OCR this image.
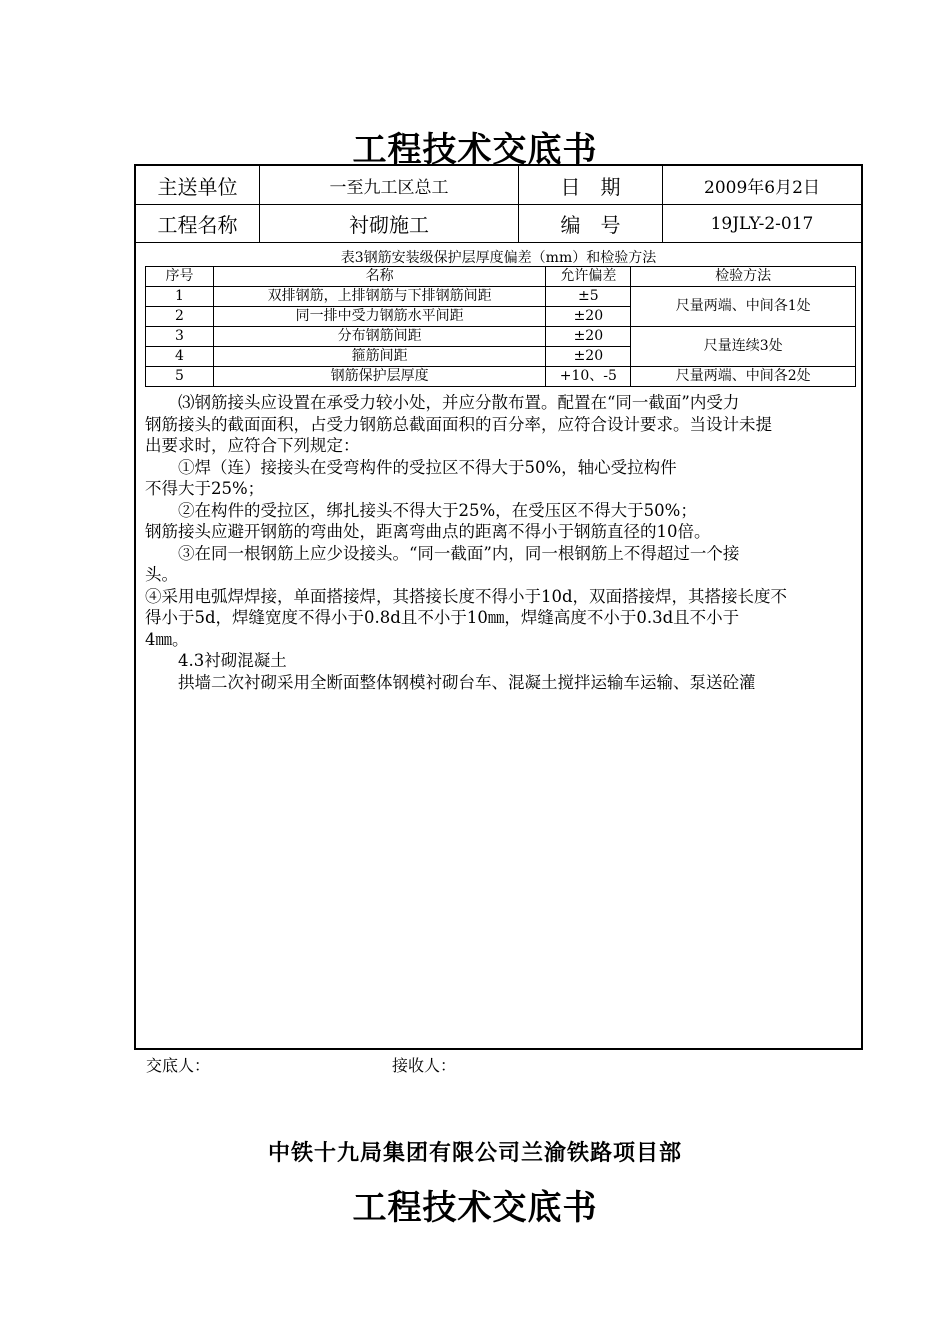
工程技术交底书
主送单位	一至九工区总工	日　期	2009年6月2日
工程名称	衬砌施工	编　号	19JLY-2-017
表3钢筋安装级保护层厚度偏差（mm）和检验方法
序号	名称	允许偏差	检验方法
1	双排钢筋，上排钢筋与下排钢筋间距	±5	尺量两端、中间各1处
2	同一排中受力钢筋水平间距	±20	
3	分布钢筋间距	±20	尺量连续3处
4	箍筋间距	±20	
5	钢筋保护层厚度	+10、-5	尺量两端、中间各2处
　　⑶钢筋接头应设置在承受力较小处，并应分散布置。配置在“同一截面”内受力
钢筋接头的截面面积，占受力钢筋总截面面积的百分率，应符合设计要求。当设计未提
出要求时，应符合下列规定：
　　①焊（连）接接头在受弯构件的受拉区不得大于50%，轴心受拉构件
不得大于25%；
　　②在构件的受拉区，绑扎接头不得大于25%，在受压区不得大于50%；
钢筋接头应避开钢筋的弯曲处，距离弯曲点的距离不得小于钢筋直径的10倍。
　　③在同一根钢筋上应少设接头。“同一截面”内，同一根钢筋上不得超过一个接
头。
④采用电弧焊焊接，单面搭接焊，其搭接长度不得小于10d，双面搭接焊，其搭接长度不
得小于5d，焊缝宽度不得小于0.8d且不小于10㎜，焊缝高度不小于0.3d且不小于
4㎜。
　　4.3衬砌混凝土
　　拱墙二次衬砌采用全断面整体钢模衬砌台车、混凝土搅拌运输车运输、泵送砼灌
交底人：	接收人：
中铁十九局集团有限公司兰渝铁路项目部
工程技术交底书
